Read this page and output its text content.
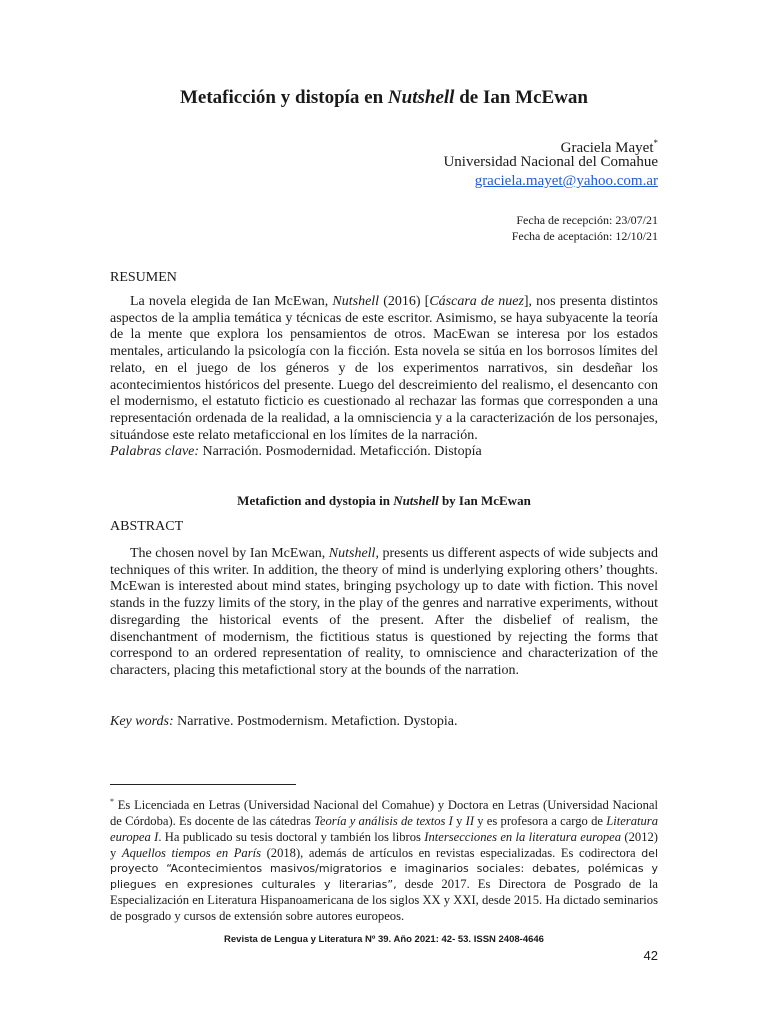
Metaficción y distopía en Nutshell de Ian McEwan
Graciela Mayet*
Universidad Nacional del Comahue
graciela.mayet@yahoo.com.ar
Fecha de recepción: 23/07/21
Fecha de aceptación: 12/10/21
RESUMEN
La novela elegida de Ian McEwan, Nutshell (2016) [Cáscara de nuez], nos presenta distintos aspectos de la amplia temática y técnicas de este escritor. Asimismo, se haya subyacente la teoría de la mente que explora los pensamientos de otros. MacEwan se interesa por los estados mentales, articulando la psicología con la ficción. Esta novela se sitúa en los borrosos límites del relato, en el juego de los géneros y de los experimentos narrativos, sin desdeñar los acontecimientos históricos del presente. Luego del descreimiento del realismo, el desencanto con el modernismo, el estatuto ficticio es cuestionado al rechazar las formas que corresponden a una representación ordenada de la realidad, a la omnisciencia y a la caracterización de los personajes, situándose este relato metaficcional en los límites de la narración.
Palabras clave: Narración. Posmodernidad. Metaficción. Distopía
Metafiction and dystopia in Nutshell by Ian McEwan
ABSTRACT
The chosen novel by Ian McEwan, Nutshell, presents us different aspects of wide subjects and techniques of this writer. In addition, the theory of mind is underlying exploring others’ thoughts. McEwan is interested about mind states, bringing psychology up to date with fiction. This novel stands in the fuzzy limits of the story, in the play of the genres and narrative experiments, without disregarding the historical events of the present. After the disbelief of realism, the disenchantment of modernism, the fictitious status is questioned by rejecting the forms that correspond to an ordered representation of reality, to omniscience and characterization of the characters, placing this metafictional story at the bounds of the narration.
Key words: Narrative. Postmodernism. Metafiction. Dystopia.
* Es Licenciada en Letras (Universidad Nacional del Comahue) y Doctora en Letras (Universidad Nacional de Córdoba). Es docente de las cátedras Teoría y análisis de textos I y II y es profesora a cargo de Literatura europea I. Ha publicado su tesis doctoral y también los libros Intersecciones en la literatura europea (2012) y Aquellos tiempos en París (2018), además de artículos en revistas especializadas. Es codirectora del proyecto “Acontecimientos masivos/migratorios e imaginarios sociales: debates, polémicas y pliegues en expresiones culturales y literarias”, desde 2017. Es Directora de Posgrado de la Especialización en Literatura Hispanoamericana de los siglos XX y XXI, desde 2015. Ha dictado seminarios de posgrado y cursos de extensión sobre autores europeos.
Revista de Lengua y Literatura Nº 39. Año 2021: 42- 53. ISSN 2408-4646
42
